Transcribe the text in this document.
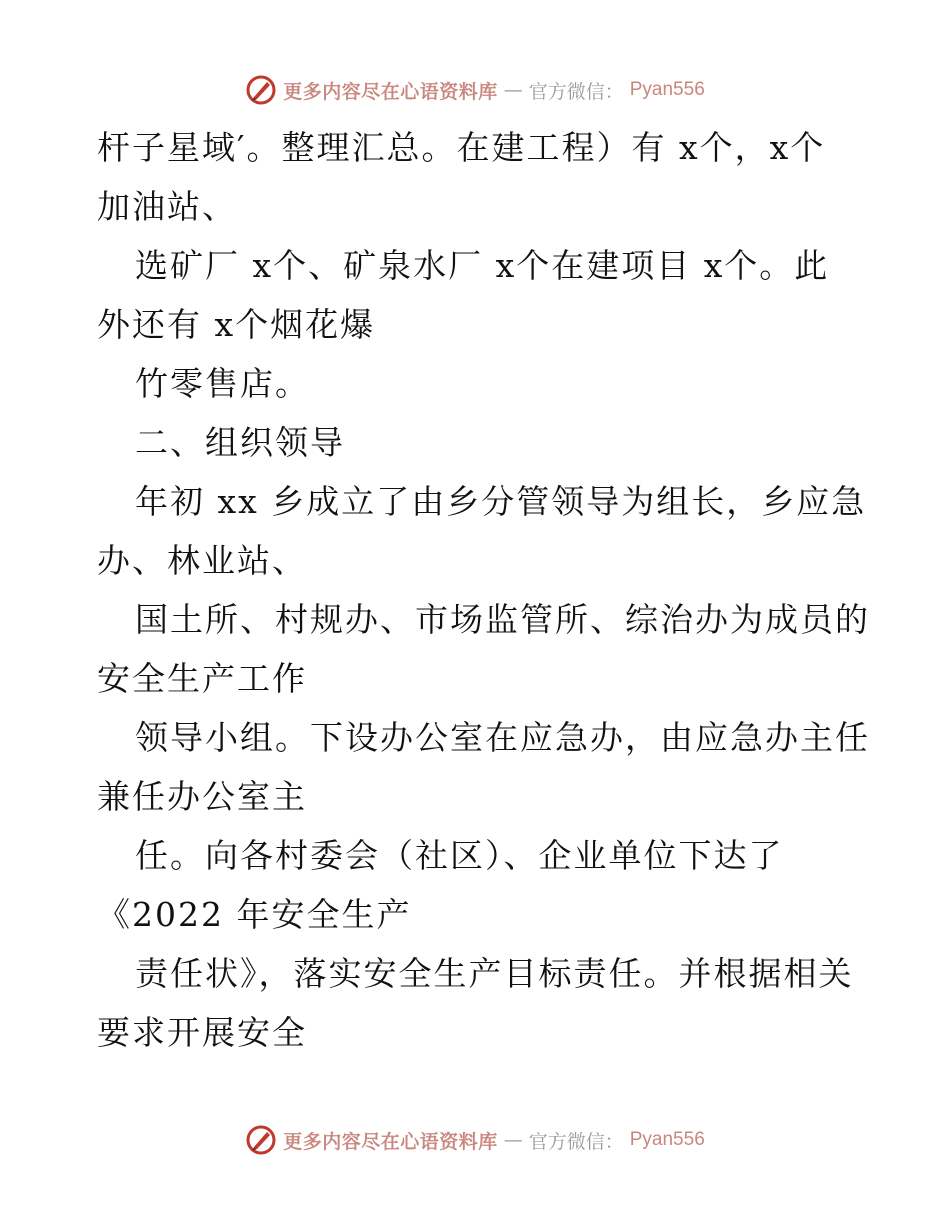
更多内容尽在心语资料库 — 官方微信： Pyan556
杆子星域′。整理汇总。在建工程）有 x个，x个
加油站、
选矿厂 x个、矿泉水厂 x个在建项目 x个。此
外还有 x个烟花爆
竹零售店。
二、组织领导
年初 xx 乡成立了由乡分管领导为组长，乡应急
办、林业站、
国土所、村规办、市场监管所、综治办为成员的
安全生产工作
领导小组。下设办公室在应急办，由应急办主任
兼任办公室主
任。向各村委会（社区）、企业单位下达了
《2022 年安全生产
责任状》，落实安全生产目标责任。并根据相关
要求开展安全
更多内容尽在心语资料库 — 官方微信： Pyan556
